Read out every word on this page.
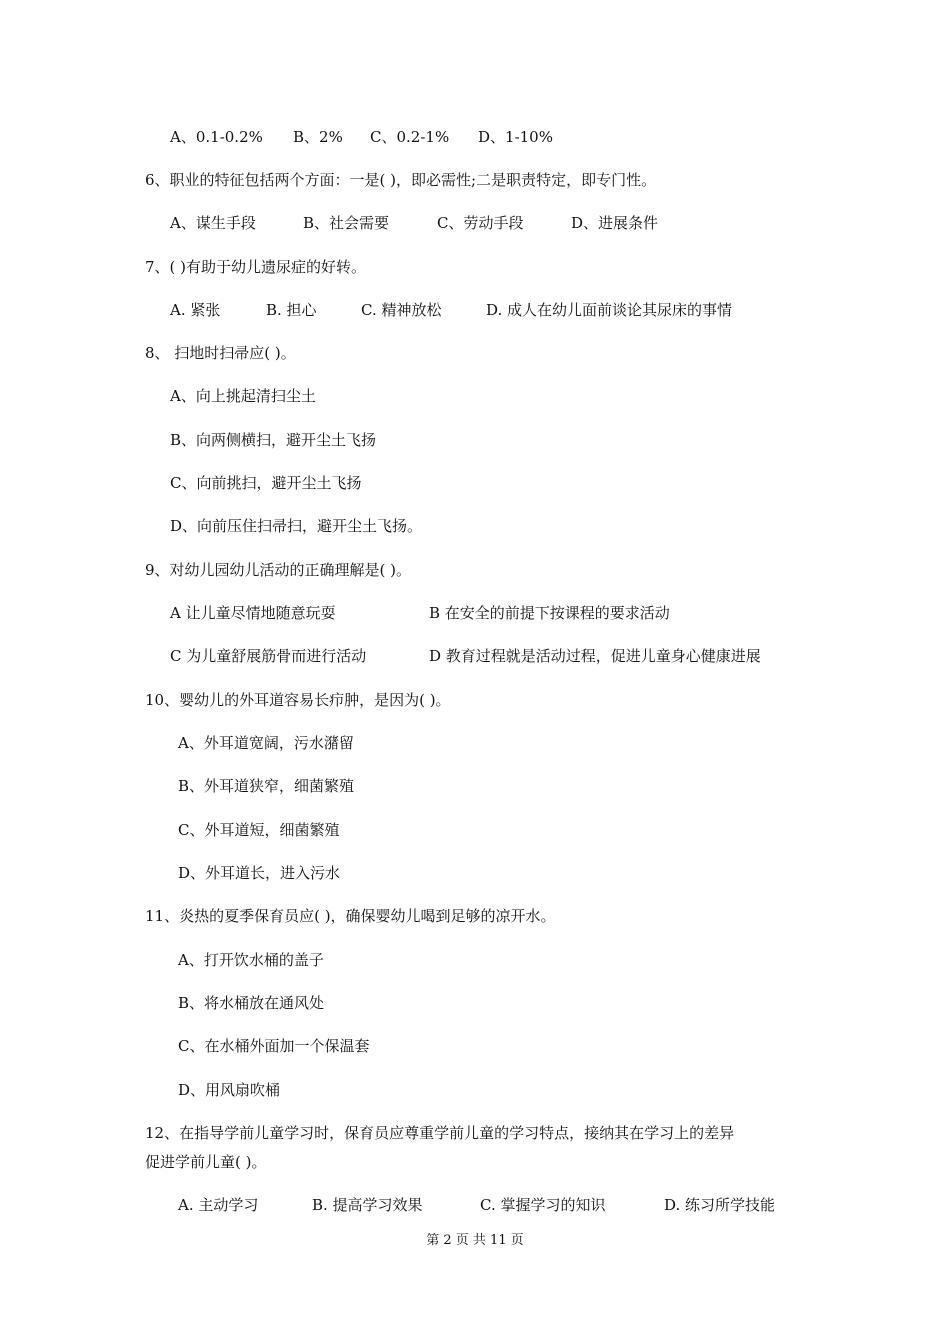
A、0.1-0.2% B、2% C、0.2-1% D、1-10%
6、职业的特征包括两个方面：一是( )，即必需性;二是职责特定，即专门性。
A、谋生手段	B、社会需要	C、劳动手段	D、进展条件
7、( )有助于幼儿遗尿症的好转。
A. 紧张	B. 担心	C. 精神放松	D. 成人在幼儿面前谈论其尿床的事情
8、 扫地时扫帚应( )。
A、向上挑起清扫尘土
B、向两侧横扫，避开尘土飞扬
C、向前挑扫，避开尘土飞扬
D、向前压住扫帚扫，避开尘土飞扬。
9、对幼儿园幼儿活动的正确理解是( )。
A 让儿童尽情地随意玩耍	B 在安全的前提下按课程的要求活动
C 为儿童舒展筋骨而进行活动	D 教育过程就是活动过程，促进儿童身心健康进展
10、婴幼儿的外耳道容易长疖肿，是因为( )。
A、外耳道宽阔，污水潴留
B、外耳道狭窄，细菌繁殖
C、外耳道短，细菌繁殖
D、外耳道长，进入污水
11、炎热的夏季保育员应( )，确保婴幼儿喝到足够的凉开水。
A、打开饮水桶的盖子
B、将水桶放在通风处
C、在水桶外面加一个保温套
D、用风扇吹桶
12、在指导学前儿童学习时，保育员应尊重学前儿童的学习特点，接纳其在学习上的差异
促进学前儿童( )。
A. 主动学习	B. 提高学习效果	C. 掌握学习的知识	D. 练习所学技能
第 2 页 共 11 页
